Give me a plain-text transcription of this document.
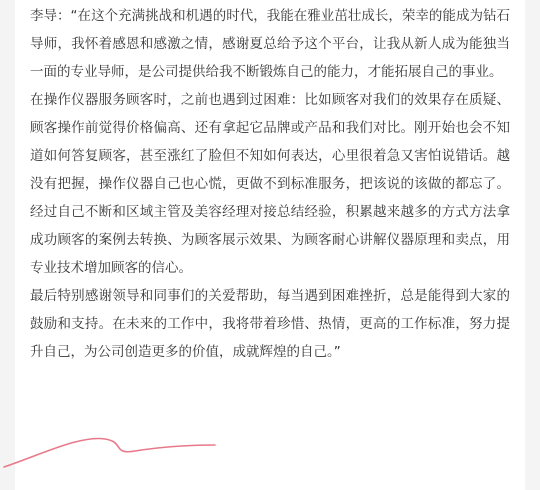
李导：“在这个充满挑战和机遇的时代，我能在雅业茁壮成长，荣幸的能成为钻石导师，我怀着感恩和感激之情，感谢夏总给予这个平台，让我从新人成为能独当一面的专业导师，是公司提供给我不断锻炼自己的能力，才能拓展自己的事业。

在操作仪器服务顾客时，之前也遇到过困难：比如顾客对我们的效果存在质疑、顾客操作前觉得价格偏高、还有拿起它品牌或产品和我们对比。刚开始也会不知道如何答复顾客，甚至涨红了脸但不知如何表达，心里很着急又害怕说错话。越没有把握，操作仪器自己也心慌，更做不到标准服务，把该说的该做的都忘了。经过自己不断和区域主管及美容经理对接总结经验，积累越来越多的方式方法拿成功顾客的案例去转换、为顾客展示效果、为顾客耐心讲解仪器原理和卖点，用专业技术增加顾客的信心。

最后特别感谢领导和同事们的关爱帮助，每当遇到困难挫折，总是能得到大家的鼓励和支持。在未来的工作中，我将带着珍惜、热情，更高的工作标准，努力提升自己，为公司创造更多的价值，成就辉煌的自己。”
